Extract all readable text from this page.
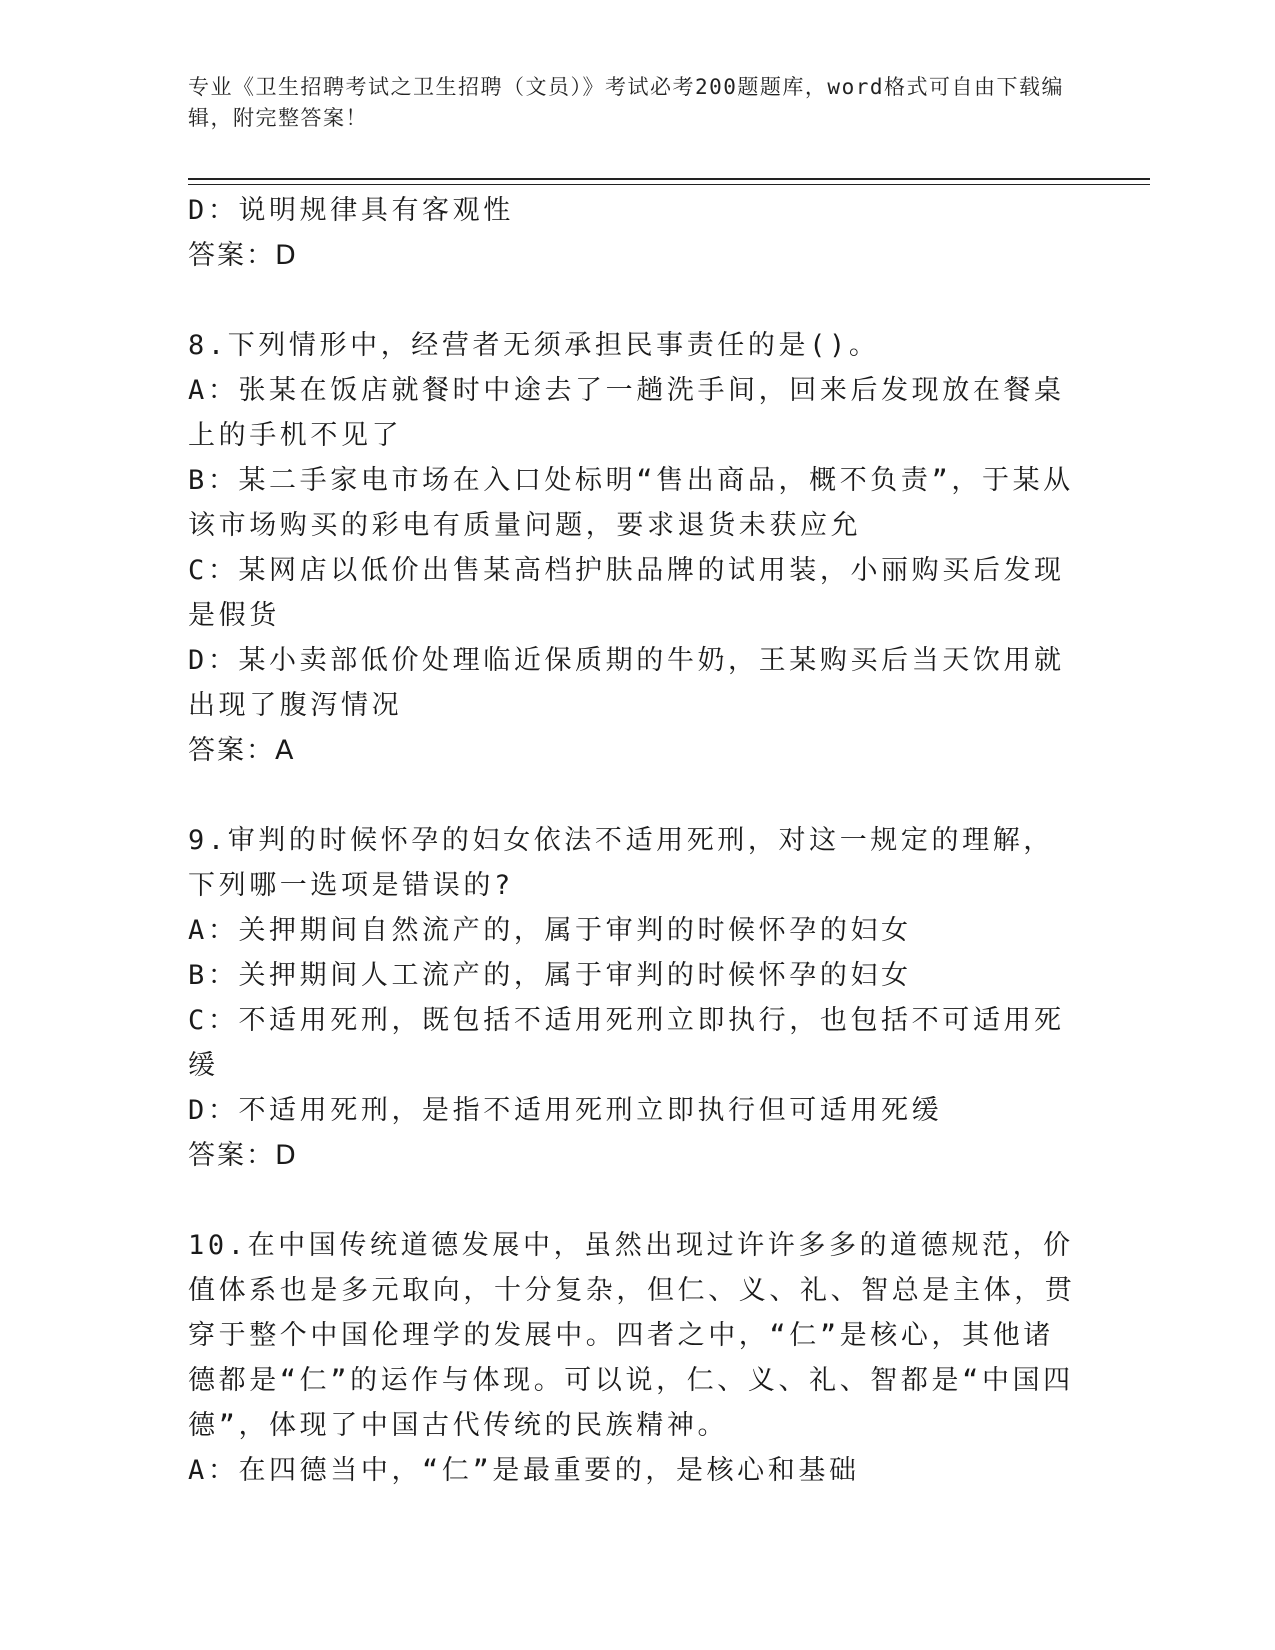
专业《卫生招聘考试之卫生招聘（文员）》考试必考200题题库，word格式可自由下载编辑，附完整答案！

D：说明规律具有客观性

答案：D

8.下列情形中，经营者无须承担民事责任的是()。

A：张某在饭店就餐时中途去了一趟洗手间，回来后发现放在餐桌上的手机不见了

B：某二手家电市场在入口处标明“售出商品，概不负责”，于某从该市场购买的彩电有质量问题，要求退货未获应允

C：某网店以低价出售某高档护肤品牌的试用装，小丽购买后发现是假货

D：某小卖部低价处理临近保质期的牛奶，王某购买后当天饮用就出现了腹泻情况

答案：A

9.审判的时候怀孕的妇女依法不适用死刑，对这一规定的理解，下列哪一选项是错误的?

A：关押期间自然流产的，属于审判的时候怀孕的妇女

B：关押期间人工流产的，属于审判的时候怀孕的妇女

C：不适用死刑，既包括不适用死刑立即执行，也包括不可适用死缓

D：不适用死刑，是指不适用死刑立即执行但可适用死缓

答案：D

10.在中国传统道德发展中，虽然出现过许许多多的道德规范，价值体系也是多元取向，十分复杂，但仁、义、礼、智总是主体，贯穿于整个中国伦理学的发展中。四者之中，“仁”是核心，其他诸德都是“仁”的运作与体现。可以说，仁、义、礼、智都是“中国四德”，体现了中国古代传统的民族精神。

A：在四德当中，“仁”是最重要的，是核心和基础
